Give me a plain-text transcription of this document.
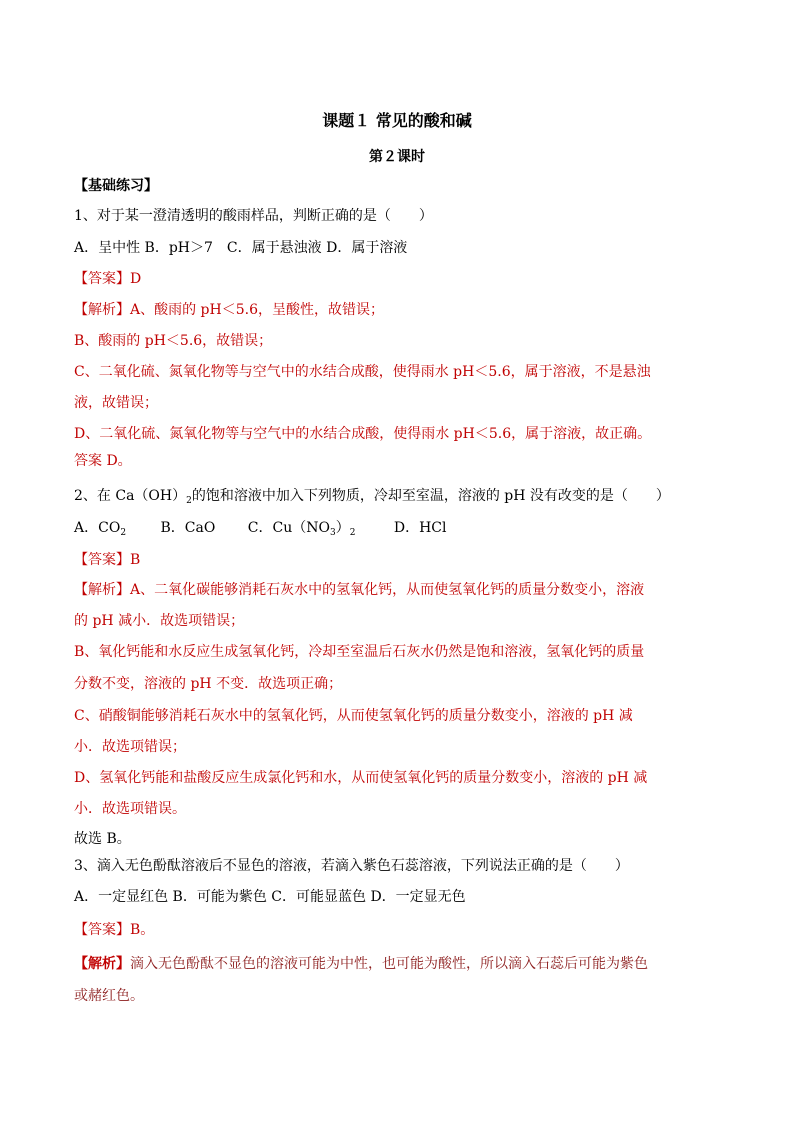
课题１ 常见的酸和碱
第２课时
【基础练习】
1、对于某一澄清透明的酸雨样品，判断正确的是（　　）
A．呈中性 B．pH＞7　C．属于悬浊液 D．属于溶液
【答案】D
【解析】A、酸雨的 pH＜5.6，呈酸性，故错误；
B、酸雨的 pH＜5.6，故错误；
C、二氧化硫、氮氧化物等与空气中的水结合成酸，使得雨水 pH＜5.6，属于溶液，不是悬浊
液，故错误；
D、二氧化硫、氮氧化物等与空气中的水结合成酸，使得雨水 pH＜5.6，属于溶液，故正确。
答案 D。
2、在 $Ca(OH)_2$的饱和溶液中加入下列物质，冷却至室温，溶液的 pH 没有改变的是（　　）
A．$CO_2$ B．CaO C．$Cu(NO_3)_2$	D．HCl
【答案】B
【解析】A、二氧化碳能够消耗石灰水中的氢氧化钙，从而使氢氧化钙的质量分数变小，溶液
的 pH 减小．故选项错误；
B、氧化钙能和水反应生成氢氧化钙，冷却至室温后石灰水仍然是饱和溶液，氢氧化钙的质量
分数不变，溶液的 pH 不变．故选项正确；
C、硝酸铜能够消耗石灰水中的氢氧化钙，从而使氢氧化钙的质量分数变小，溶液的 pH 减
小．故选项错误；
D、氢氧化钙能和盐酸反应生成氯化钙和水，从而使氢氧化钙的质量分数变小，溶液的 pH 减
小．故选项错误。
故选 B。
3、滴入无色酚酞溶液后不显色的溶液，若滴入紫色石蕊溶液，下列说法正确的是（　　）
A．一定显红色 B．可能为紫色 C．可能显蓝色 D．一定显无色
【答案】B。
【解析】滴入无色酚酞不显色的溶液可能为中性，也可能为酸性，所以滴入石蕊后可能为紫色
或赭红色。
